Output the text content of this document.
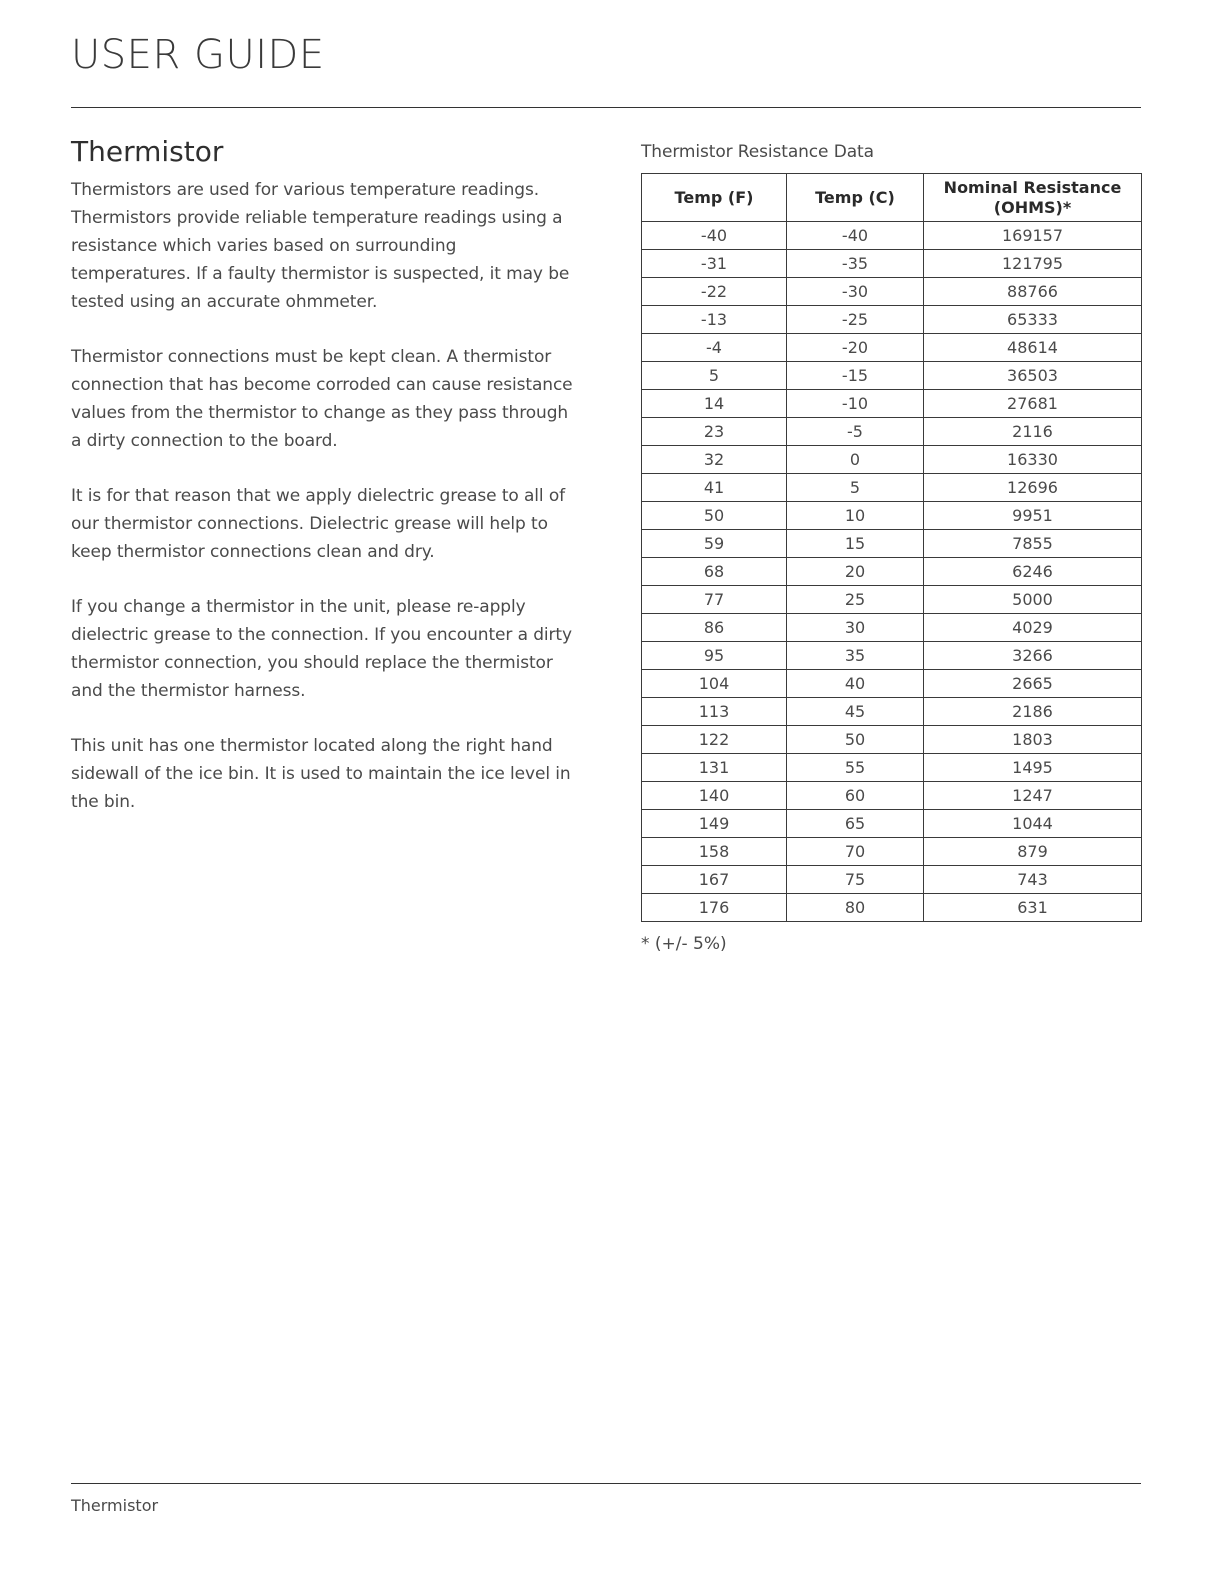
USER GUIDE
Thermistor

Thermistors are used for various temperature readings. Thermistors provide reliable temperature readings using a resistance which varies based on surrounding temperatures. If a faulty thermistor is suspected, it may be tested using an accurate ohmmeter.

Thermistor connections must be kept clean. A thermistor connection that has become corroded can cause resistance values from the thermistor to change as they pass through a dirty connection to the board.

It is for that reason that we apply dielectric grease to all of our thermistor connections. Dielectric grease will help to keep thermistor connections clean and dry.

If you change a thermistor in the unit, please re-apply dielectric grease to the connection. If you encounter a dirty thermistor connection, you should replace the thermistor and the thermistor harness.

This unit has one thermistor located along the right hand sidewall of the ice bin. It is used to maintain the ice level in the bin.

Thermistor Resistance Data
Temp (F)	Temp (C)	Nominal Resistance (OHMS)*
-40	-40	169157
-31	-35	121795
-22	-30	88766
-13	-25	65333
-4	-20	48614
5	-15	36503
14	-10	27681
23	-5	2116
32	0	16330
41	5	12696
50	10	9951
59	15	7855
68	20	6246
77	25	5000
86	30	4029
95	35	3266
104	40	2665
113	45	2186
122	50	1803
131	55	1495
140	60	1247
149	65	1044
158	70	879
167	75	743
176	80	631
* (+/- 5%)
Thermistor
